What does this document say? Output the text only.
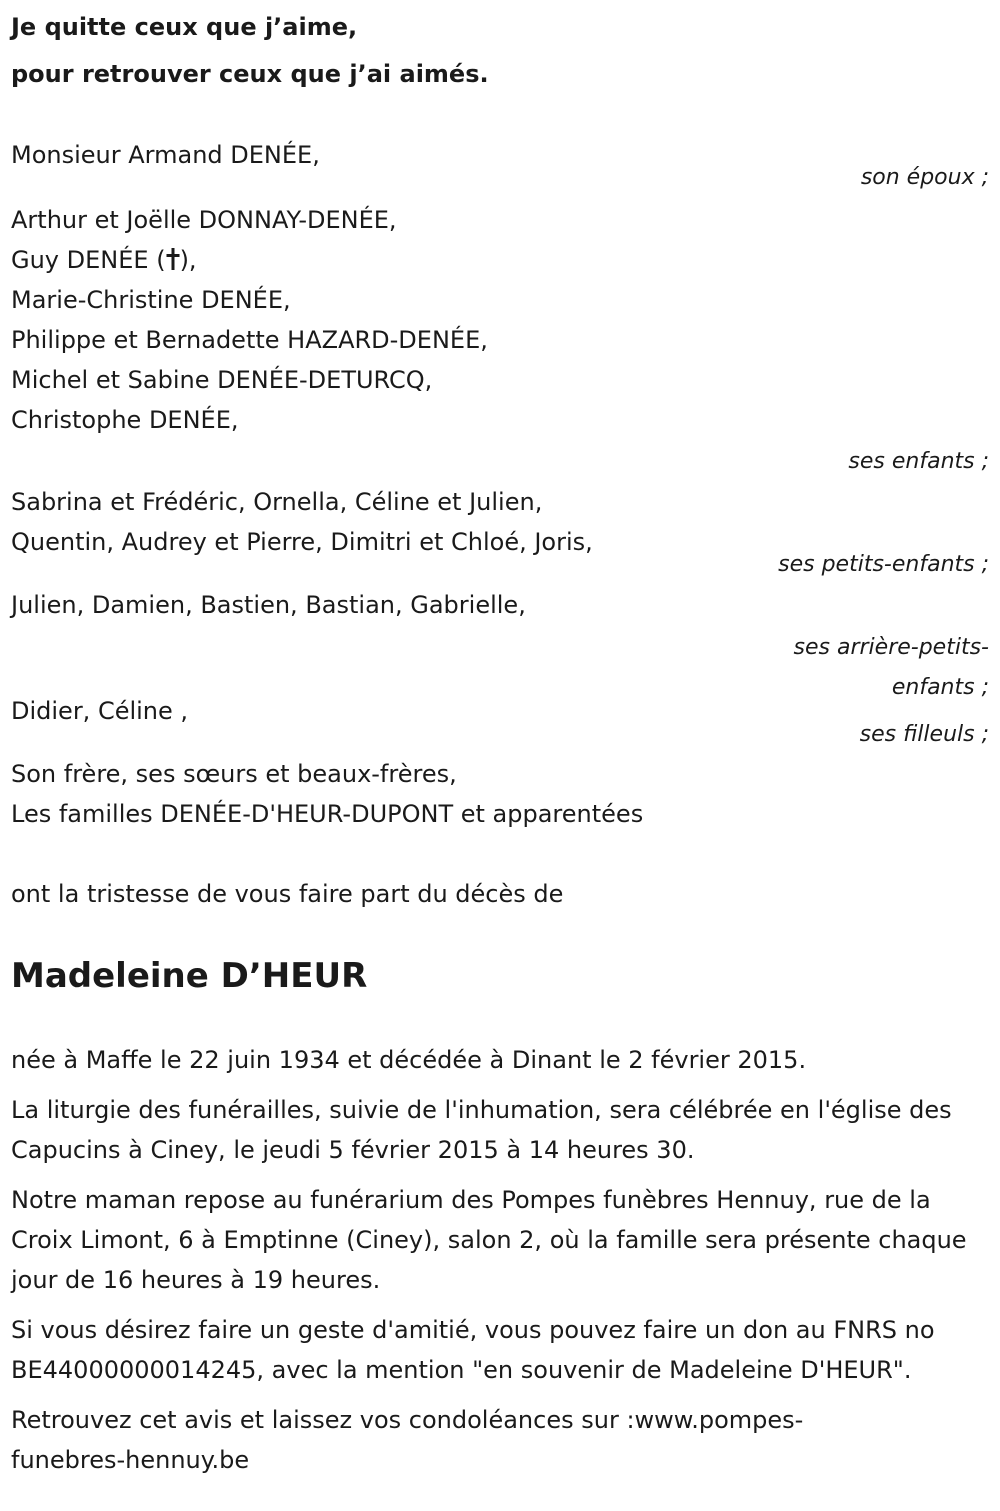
Je quitte ceux que j’aime,
pour retrouver ceux que j’ai aimés.
Monsieur Armand DENÉE,
son époux ;
Arthur et Joëlle DONNAY-DENÉE,
Guy DENÉE ( ),
Marie-Christine DENÉE,
Philippe et Bernadette HAZARD-DENÉE,
Michel et Sabine DENÉE-DETURCQ,
Christophe DENÉE,
ses enfants ;
Sabrina et Frédéric, Ornella, Céline et Julien,
Quentin, Audrey et Pierre, Dimitri et Chloé, Joris,
ses petits-enfants ;
Julien, Damien, Bastien, Bastian, Gabrielle,
ses arrière-petits-
enfants ;
Didier, Céline ,
ses filleuls ;
Son frère, ses sœurs et beaux-frères,
Les familles DENÉE-D'HEUR-DUPONT et apparentées
ont la tristesse de vous faire part du décès de
Madeleine D’HEUR
née à Maffe le 22 juin 1934 et décédée à Dinant le 2 février 2015.
La liturgie des funérailles, suivie de l'inhumation, sera célébrée en l'église des Capucins à Ciney, le jeudi 5 février 2015 à 14 heures 30.
Notre maman repose au funérarium des Pompes funèbres Hennuy, rue de la Croix Limont, 6 à Emptinne (Ciney), salon 2, où la famille sera présente chaque jour de 16 heures à 19 heures.
Si vous désirez faire un geste d'amitié, vous pouvez faire un don au FNRS no BE44000000014245, avec la mention "en souvenir de Madeleine D'HEUR".
Retrouvez cet avis et laissez vos condoléances sur :www.pompes-
funebres-hennuy.be
